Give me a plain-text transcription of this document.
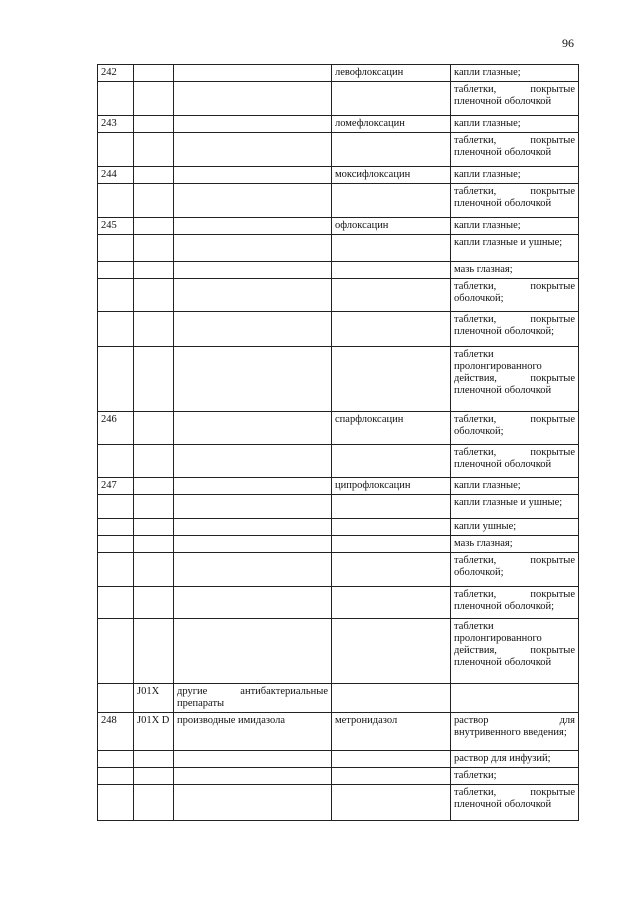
96
242			левофлоксацин	капли глазные;
				таблетки, покрытые пленочной оболочкой
243			ломефлоксацин	капли глазные;
				таблетки, покрытые пленочной оболочкой
244			моксифлоксацин	капли глазные;
				таблетки, покрытые пленочной оболочкой
245			офлоксацин	капли глазные;
				капли глазные и ушные;
				мазь глазная;
				таблетки, покрытые оболочкой;
				таблетки, покрытые пленочной оболочкой;
				таблетки пролонгированного действия, покрытые пленочной оболочкой
246			спарфлоксацин	таблетки, покрытые оболочкой;
				таблетки, покрытые пленочной оболочкой
247			ципрофлоксацин	капли глазные;
				капли глазные и ушные;
				капли ушные;
				мазь глазная;
				таблетки, покрытые оболочкой;
				таблетки, покрытые пленочной оболочкой;
				таблетки пролонгированного действия, покрытые пленочной оболочкой
	J01X	другие антибактериальные препараты		
248	J01X D	производные имидазола	метронидазол	раствор для внутривенного введения;
				раствор для инфузий;
				таблетки;
				таблетки, покрытые пленочной оболочкой
